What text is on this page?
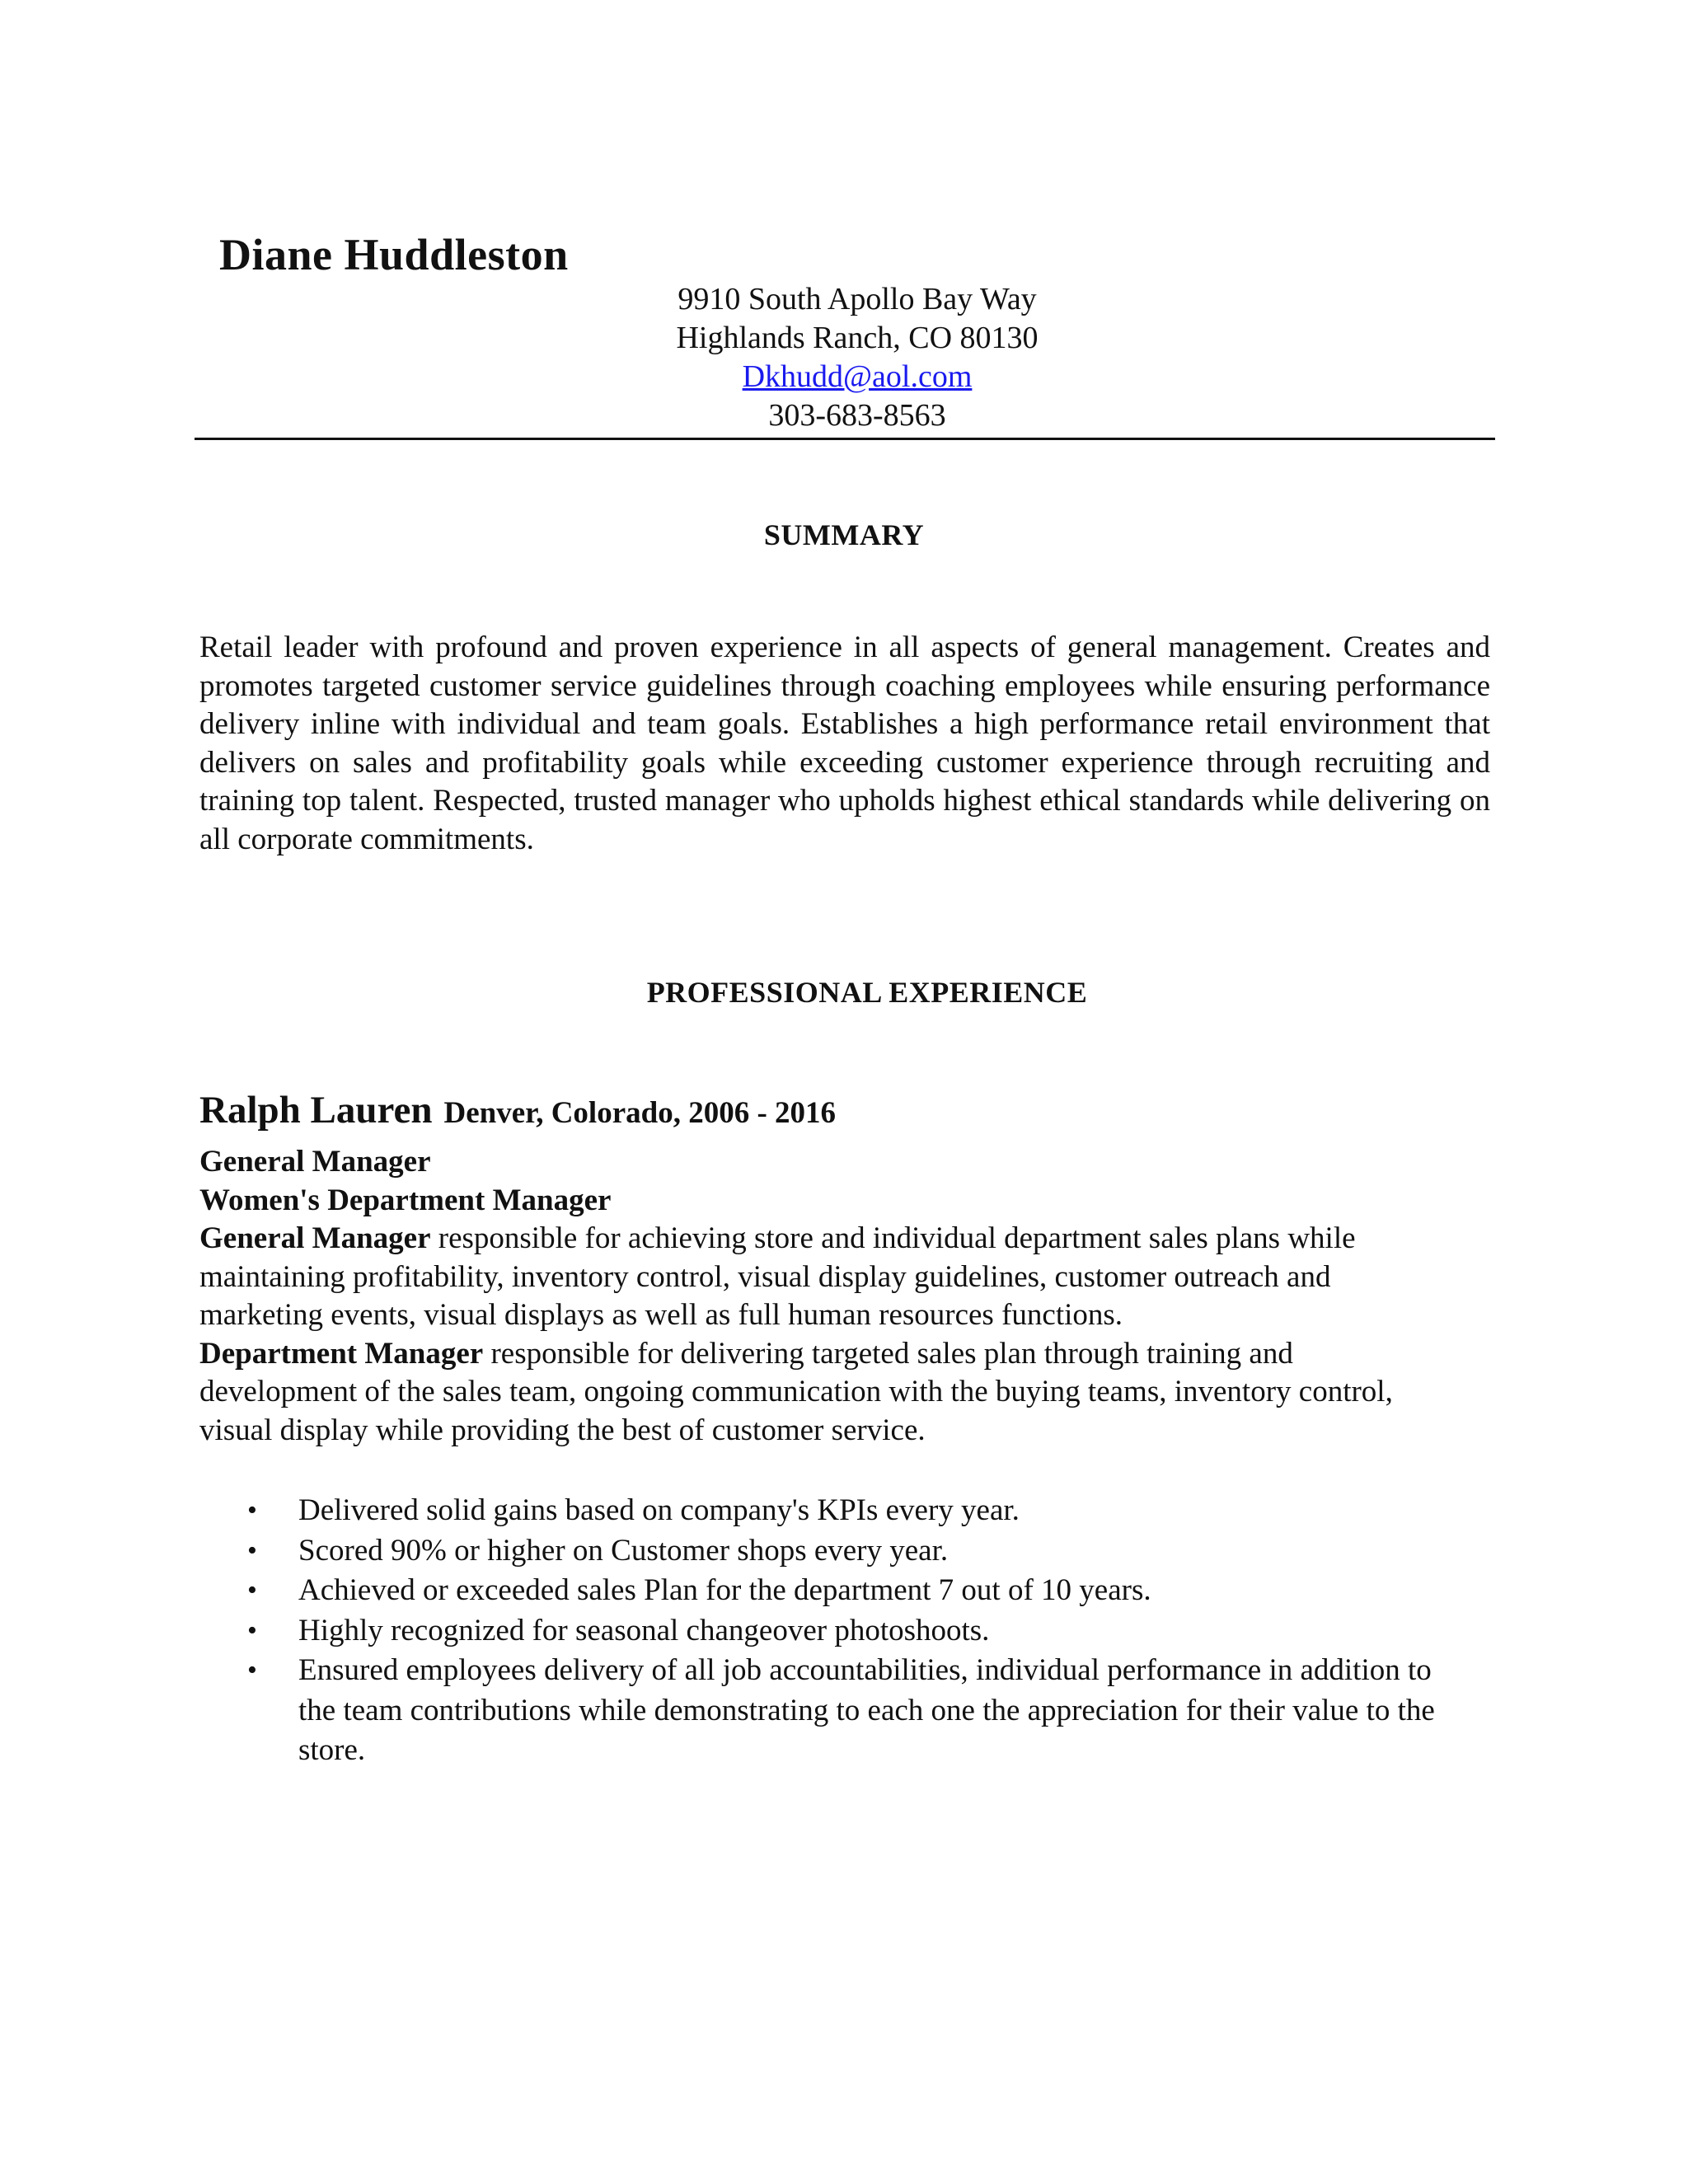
Diane Huddleston
9910 South Apollo Bay Way
Highlands Ranch, CO 80130
Dkhudd@aol.com
303-683-8563
SUMMARY

Retail leader with profound and proven experience in all aspects of general management. Creates and promotes targeted customer service guidelines through coaching employees while ensuring performance delivery inline with individual and team goals. Establishes a high performance retail environment that delivers on sales and profitability goals while exceeding customer experience through recruiting and training top talent. Respected, trusted manager who upholds highest ethical standards while delivering on all corporate commitments.

PROFESSIONAL EXPERIENCE

Ralph Lauren Denver, Colorado, 2006 - 2016

General Manager

Women's Department Manager

General Manager responsible for achieving store and individual department sales plans while maintaining profitability, inventory control, visual display guidelines, customer outreach and marketing events, visual displays as well as full human resources functions.

Department Manager responsible for delivering targeted sales plan through training and development of the sales team, ongoing communication with the buying teams, inventory control, visual display while providing the best of customer service.

• Delivered solid gains based on company's KPIs every year.
• Scored 90% or higher on Customer shops every year.
• Achieved or exceeded sales Plan for the department 7 out of 10 years.
• Highly recognized for seasonal changeover photoshoots.
• Ensured employees delivery of all job accountabilities, individual performance in addition to the team contributions while demonstrating to each one the appreciation for their value to the store.
